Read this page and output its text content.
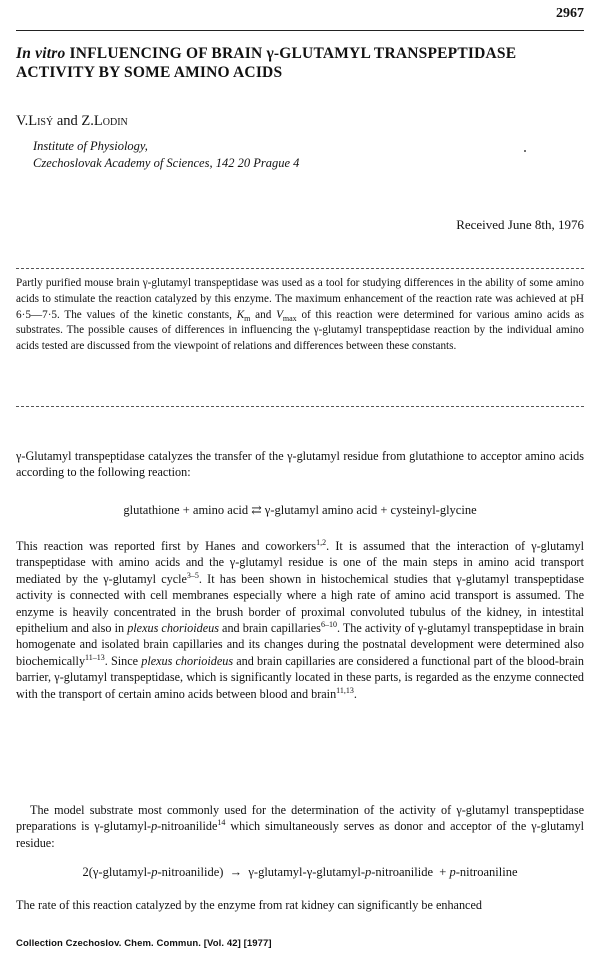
2967
In vitro INFLUENCING OF BRAIN γ-GLUTAMYL TRANSPEPTIDASE ACTIVITY BY SOME AMINO ACIDS
V.Lisý and Z.Lodin
Institute of Physiology,
Czechoslovak Academy of Sciences, 142 20 Prague 4
Received June 8th, 1976
Partly purified mouse brain γ-glutamyl transpeptidase was used as a tool for studying differences in the ability of some amino acids to stimulate the reaction catalyzed by this enzyme. The maximum enhancement of the reaction rate was achieved at pH 6·5—7·5. The values of the kinetic constants, $K_m$ and $V_{max}$ of this reaction were determined for various amino acids as substrates. The possible causes of differences in influencing the γ-glutamyl transpeptidase reaction by the individual amino acids tested are discussed from the viewpoint of relations and differences between these constants.

γ-Glutamyl transpeptidase catalyzes the transfer of the γ-glutamyl residue from glutathione to acceptor amino acids according to the following reaction:

glutathione + amino acid ⇄ γ-glutamyl amino acid + cysteinyl-glycine

This reaction was reported first by Hanes and coworkers$^{1,2}$. It is assumed that the interaction of γ-glutamyl transpeptidase with amino acids and the γ-glutamyl residue is one of the main steps in amino acid transport mediated by the γ-glutamyl cycle$^{3-5}$. It has been shown in histochemical studies that γ-glutamyl transpeptidase activity is connected with cell membranes especially where a high rate of amino acid transport is assumed. The enzyme is heavily concentrated in the brush border of proximal convoluted tubulus of the kidney, in intestital epithelium and also in plexus chorioideus and brain capillaries$^{6-10}$. The activity of γ-glutamyl transpeptidase in brain homogenate and isolated brain capillaries and its changes during the postnatal development were determined also biochemically$^{11-13}$. Since plexus chorioideus and brain capillaries are considered a functional part of the blood-brain barrier, γ-glutamyl transpeptidase, which is significantly located in these parts, is regarded as the enzyme connected with the transport of certain amino acids between blood and brain$^{11,13}$.

The model substrate most commonly used for the determination of the activity of γ-glutamyl transpeptidase preparations is γ-glutamyl-p-nitroanilide$^{14}$ which simultaneously serves as donor and acceptor of the γ-glutamyl residue:

2(γ-glutamyl-p-nitroanilide)  →  γ-glutamyl-γ-glutamyl-p-nitroanilide  + p-nitroaniline

The rate of this reaction catalyzed by the enzyme from rat kidney can significantly be enhanced

Collection Czechoslov. Chem. Commun. [Vol. 42] [1977]
